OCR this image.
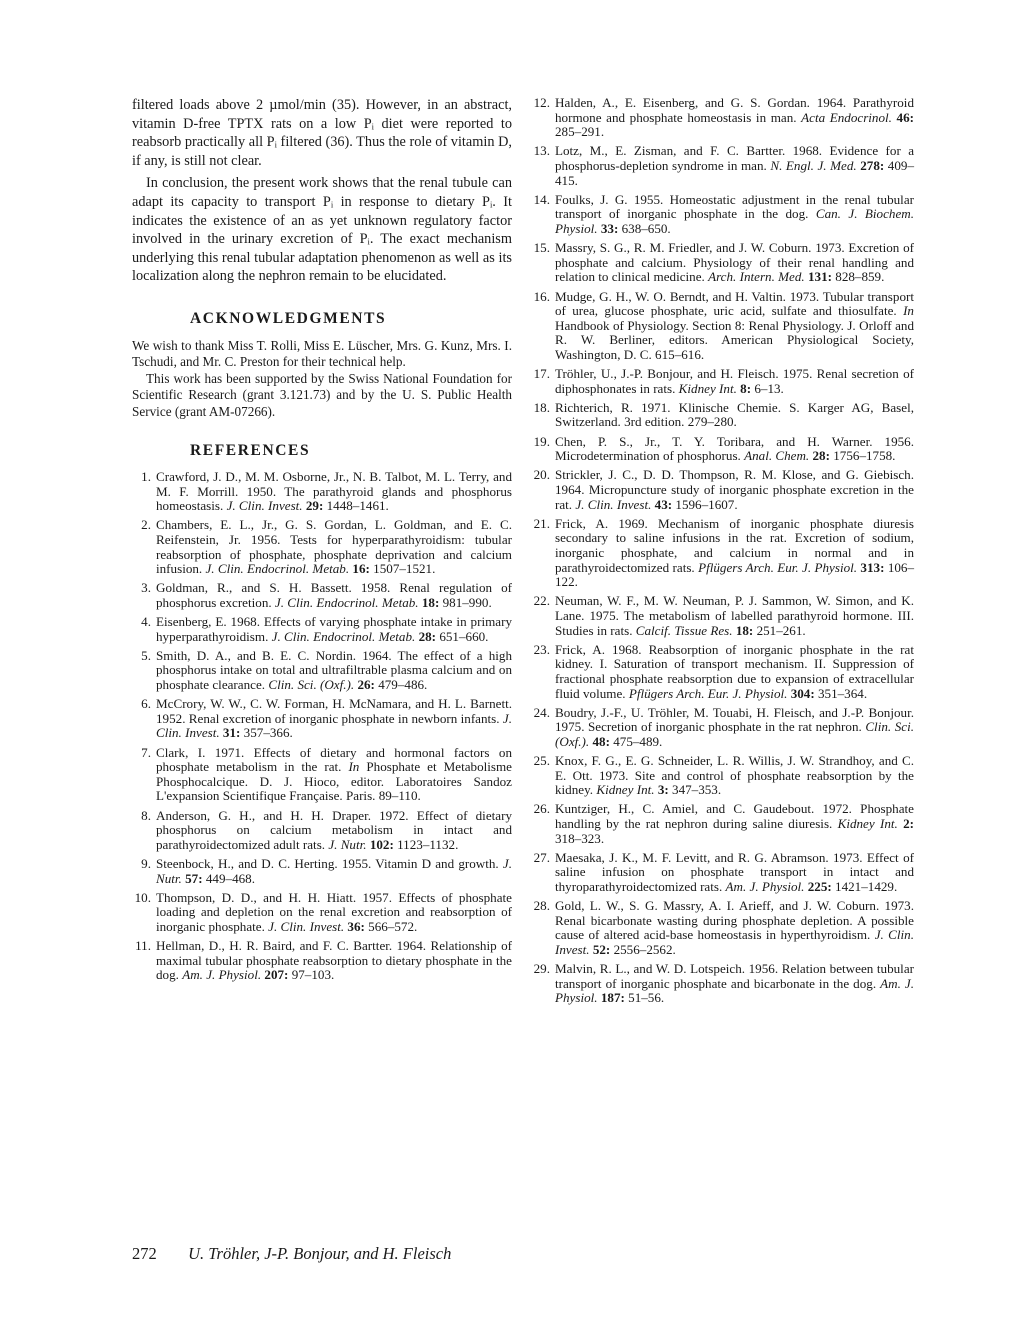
filtered loads above 2 µmol/min (35). However, in an abstract, vitamin D-free TPTX rats on a low Pᵢ diet were reported to reabsorb practically all Pᵢ filtered (36). Thus the role of vitamin D, if any, is still not clear.

In conclusion, the present work shows that the renal tubule can adapt its capacity to transport Pᵢ in response to dietary Pᵢ. It indicates the existence of an as yet unknown regulatory factor involved in the urinary excretion of Pᵢ. The exact mechanism underlying this renal tubular adaptation phenomenon as well as its localization along the nephron remain to be elucidated.

ACKNOWLEDGMENTS

We wish to thank Miss T. Rolli, Miss E. Lüscher, Mrs. G. Kunz, Mrs. I. Tschudi, and Mr. C. Preston for their technical help.

This work has been supported by the Swiss National Foundation for Scientific Research (grant 3.121.73) and by the U. S. Public Health Service (grant AM-07266).

REFERENCES
1. Crawford, J. D., M. M. Osborne, Jr., N. B. Talbot, M. L. Terry, and M. F. Morrill. 1950. The parathyroid glands and phosphorus homeostasis. J. Clin. Invest. 29: 1448–1461.
2. Chambers, E. L., Jr., G. S. Gordan, L. Goldman, and E. C. Reifenstein, Jr. 1956. Tests for hyperparathyroidism: tubular reabsorption of phosphate, phosphate deprivation and calcium infusion. J. Clin. Endocrinol. Metab. 16: 1507–1521.
3. Goldman, R., and S. H. Bassett. 1958. Renal regulation of phosphorus excretion. J. Clin. Endocrinol. Metab. 18: 981–990.
4. Eisenberg, E. 1968. Effects of varying phosphate intake in primary hyperparathyroidism. J. Clin. Endocrinol. Metab. 28: 651–660.
5. Smith, D. A., and B. E. C. Nordin. 1964. The effect of a high phosphorus intake on total and ultrafiltrable plasma calcium and on phosphate clearance. Clin. Sci. (Oxf.). 26: 479–486.
6. McCrory, W. W., C. W. Forman, H. McNamara, and H. L. Barnett. 1952. Renal excretion of inorganic phosphate in newborn infants. J. Clin. Invest. 31: 357–366.
7. Clark, I. 1971. Effects of dietary and hormonal factors on phosphate metabolism in the rat. In Phosphate et Metabolisme Phosphocalcique. D. J. Hioco, editor. Laboratoires Sandoz L'expansion Scientifique Française. Paris. 89–110.
8. Anderson, G. H., and H. H. Draper. 1972. Effect of dietary phosphorus on calcium metabolism in intact and parathyroidectomized adult rats. J. Nutr. 102: 1123–1132.
9. Steenbock, H., and D. C. Herting. 1955. Vitamin D and growth. J. Nutr. 57: 449–468.
10. Thompson, D. D., and H. H. Hiatt. 1957. Effects of phosphate loading and depletion on the renal excretion and reabsorption of inorganic phosphate. J. Clin. Invest. 36: 566–572.
11. Hellman, D., H. R. Baird, and F. C. Bartter. 1964. Relationship of maximal tubular phosphate reabsorption to dietary phosphate in the dog. Am. J. Physiol. 207: 97–103.
12. Halden, A., E. Eisenberg, and G. S. Gordan. 1964. Parathyroid hormone and phosphate homeostasis in man. Acta Endocrinol. 46: 285–291.
13. Lotz, M., E. Zisman, and F. C. Bartter. 1968. Evidence for a phosphorus-depletion syndrome in man. N. Engl. J. Med. 278: 409–415.
14. Foulks, J. G. 1955. Homeostatic adjustment in the renal tubular transport of inorganic phosphate in the dog. Can. J. Biochem. Physiol. 33: 638–650.
15. Massry, S. G., R. M. Friedler, and J. W. Coburn. 1973. Excretion of phosphate and calcium. Physiology of their renal handling and relation to clinical medicine. Arch. Intern. Med. 131: 828–859.
16. Mudge, G. H., W. O. Berndt, and H. Valtin. 1973. Tubular transport of urea, glucose phosphate, uric acid, sulfate and thiosulfate. In Handbook of Physiology. Section 8: Renal Physiology. J. Orloff and R. W. Berliner, editors. American Physiological Society, Washington, D. C. 615–616.
17. Tröhler, U., J.-P. Bonjour, and H. Fleisch. 1975. Renal secretion of diphosphonates in rats. Kidney Int. 8: 6–13.
18. Richterich, R. 1971. Klinische Chemie. S. Karger AG, Basel, Switzerland. 3rd edition. 279–280.
19. Chen, P. S., Jr., T. Y. Toribara, and H. Warner. 1956. Microdetermination of phosphorus. Anal. Chem. 28: 1756–1758.
20. Strickler, J. C., D. D. Thompson, R. M. Klose, and G. Giebisch. 1964. Micropuncture study of inorganic phosphate excretion in the rat. J. Clin. Invest. 43: 1596–1607.
21. Frick, A. 1969. Mechanism of inorganic phosphate diuresis secondary to saline infusions in the rat. Excretion of sodium, inorganic phosphate, and calcium in normal and in parathyroidectomized rats. Pflügers Arch. Eur. J. Physiol. 313: 106–122.
22. Neuman, W. F., M. W. Neuman, P. J. Sammon, W. Simon, and K. Lane. 1975. The metabolism of labelled parathyroid hormone. III. Studies in rats. Calcif. Tissue Res. 18: 251–261.
23. Frick, A. 1968. Reabsorption of inorganic phosphate in the rat kidney. I. Saturation of transport mechanism. II. Suppression of fractional phosphate reabsorption due to expansion of extracellular fluid volume. Pflügers Arch. Eur. J. Physiol. 304: 351–364.
24. Boudry, J.-F., U. Tröhler, M. Touabi, H. Fleisch, and J.-P. Bonjour. 1975. Secretion of inorganic phosphate in the rat nephron. Clin. Sci. (Oxf.). 48: 475–489.
25. Knox, F. G., E. G. Schneider, L. R. Willis, J. W. Strandhoy, and C. E. Ott. 1973. Site and control of phosphate reabsorption by the kidney. Kidney Int. 3: 347–353.
26. Kuntziger, H., C. Amiel, and C. Gaudebout. 1972. Phosphate handling by the rat nephron during saline diuresis. Kidney Int. 2: 318–323.
27. Maesaka, J. K., M. F. Levitt, and R. G. Abramson. 1973. Effect of saline infusion on phosphate transport in intact and thyroparathyroidectomized rats. Am. J. Physiol. 225: 1421–1429.
28. Gold, L. W., S. G. Massry, A. I. Arieff, and J. W. Coburn. 1973. Renal bicarbonate wasting during phosphate depletion. A possible cause of altered acid-base homeostasis in hyperthyroidism. J. Clin. Invest. 52: 2556–2562.
29. Malvin, R. L., and W. D. Lotspeich. 1956. Relation between tubular transport of inorganic phosphate and bicarbonate in the dog. Am. J. Physiol. 187: 51–56.
272 U. Tröhler, J-P. Bonjour, and H. Fleisch
